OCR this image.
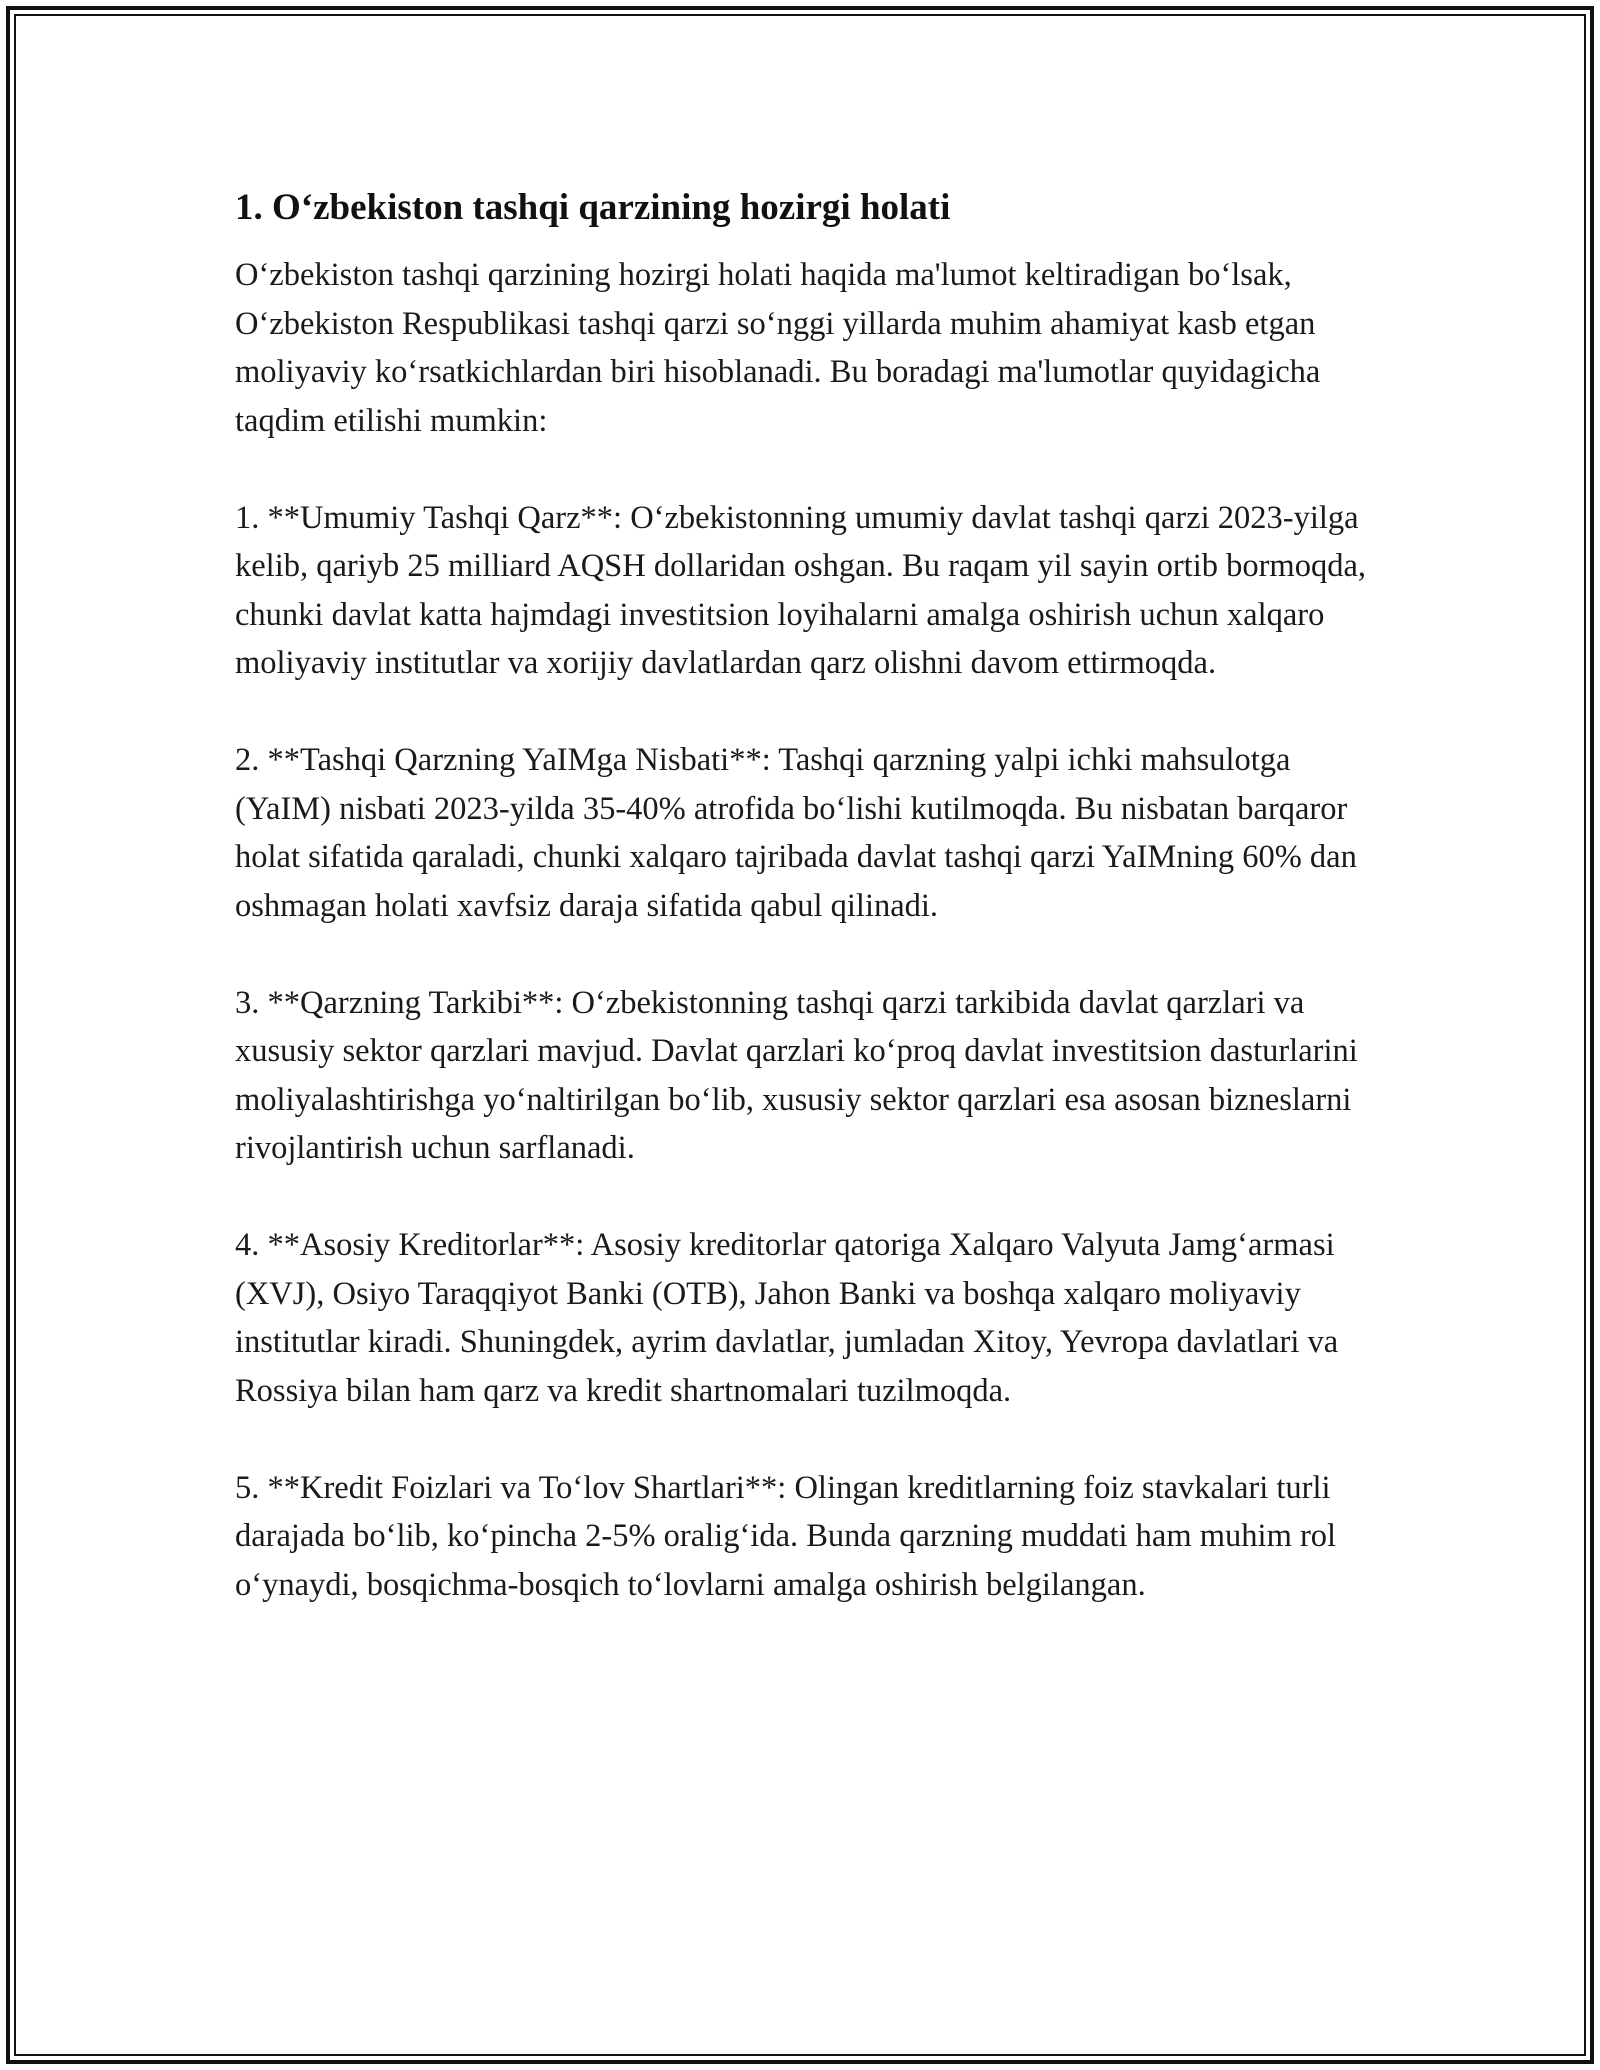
1. O‘zbekiston tashqi qarzining hozirgi holati

O‘zbekiston tashqi qarzining hozirgi holati haqida ma'lumot keltiradigan bo‘lsak, O‘zbekiston Respublikasi tashqi qarzi so‘nggi yillarda muhim ahamiyat kasb etgan moliyaviy ko‘rsatkichlardan biri hisoblanadi. Bu boradagi ma'lumotlar quyidagicha taqdim etilishi mumkin:

1. **Umumiy Tashqi Qarz**: O‘zbekistonning umumiy davlat tashqi qarzi 2023-yilga kelib, qariyb 25 milliard AQSH dollaridan oshgan. Bu raqam yil sayin ortib bormoqda, chunki davlat katta hajmdagi investitsion loyihalarni amalga oshirish uchun xalqaro moliyaviy institutlar va xorijiy davlatlardan qarz olishni davom ettirmoqda.

2. **Tashqi Qarzning YaIMga Nisbati**: Tashqi qarzning yalpi ichki mahsulotga (YaIM) nisbati 2023-yilda 35-40% atrofida bo‘lishi kutilmoqda. Bu nisbatan barqaror holat sifatida qaraladi, chunki xalqaro tajribada davlat tashqi qarzi YaIMning 60% dan oshmagan holati xavfsiz daraja sifatida qabul qilinadi.

3. **Qarzning Tarkibi**: O‘zbekistonning tashqi qarzi tarkibida davlat qarzlari va xususiy sektor qarzlari mavjud. Davlat qarzlari ko‘proq davlat investitsion dasturlarini moliyalashtirishga yo‘naltirilgan bo‘lib, xususiy sektor qarzlari esa asosan bizneslarni rivojlantirish uchun sarflanadi.

4. **Asosiy Kreditorlar**: Asosiy kreditorlar qatoriga Xalqaro Valyuta Jamg‘armasi (XVJ), Osiyo Taraqqiyot Banki (OTB), Jahon Banki va boshqa xalqaro moliyaviy institutlar kiradi. Shuningdek, ayrim davlatlar, jumladan Xitoy, Yevropa davlatlari va Rossiya bilan ham qarz va kredit shartnomalari tuzilmoqda.

5. **Kredit Foizlari va To‘lov Shartlari**: Olingan kreditlarning foiz stavkalari turli darajada bo‘lib, ko‘pincha 2-5% oralig‘ida. Bunda qarzning muddati ham muhim rol o‘ynaydi, bosqichma-bosqich to‘lovlarni amalga oshirish belgilangan.
